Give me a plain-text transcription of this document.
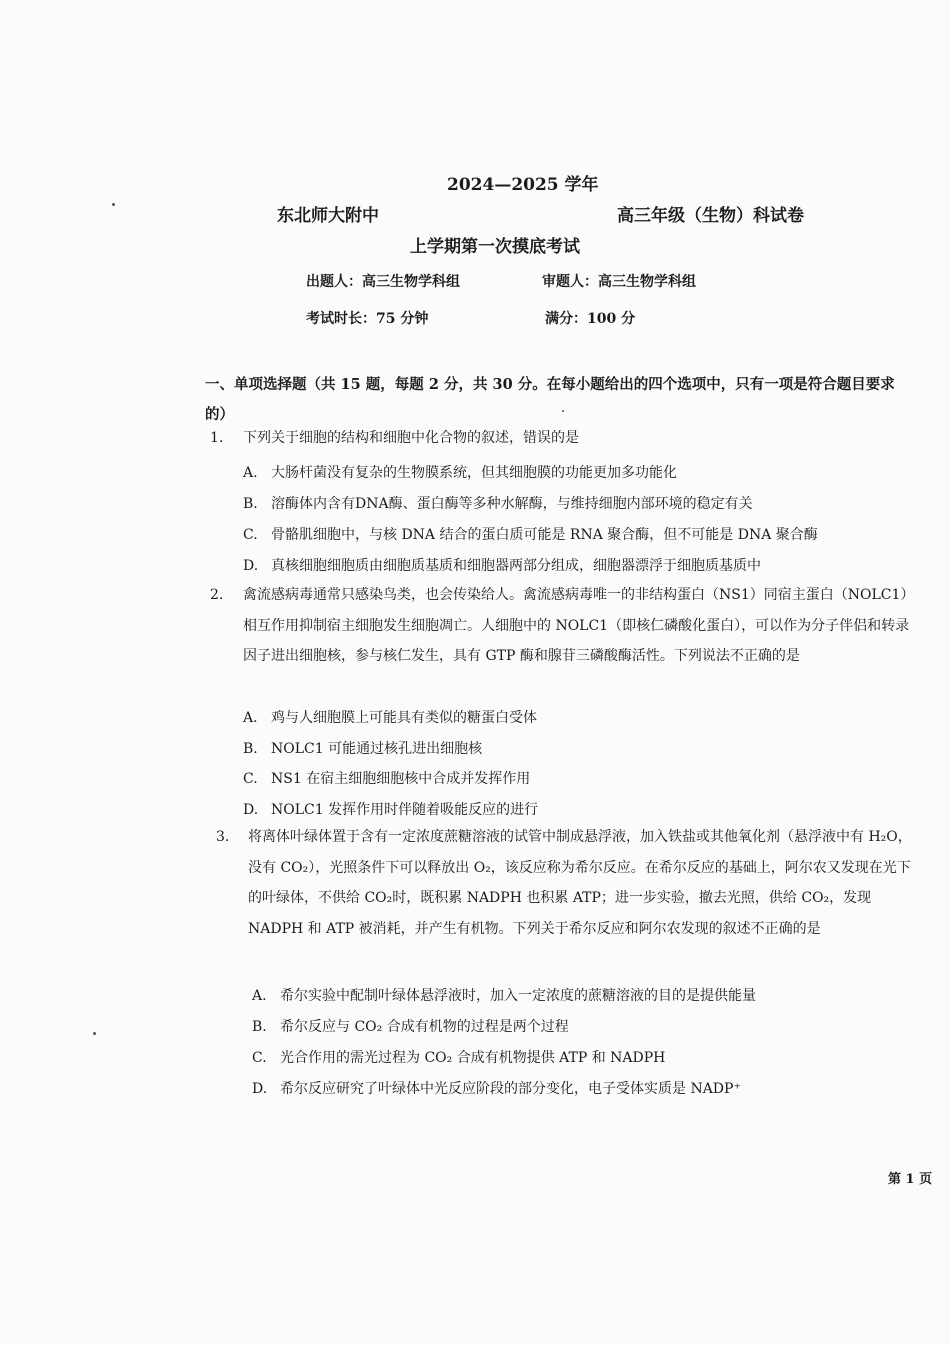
2024—2025 学年
东北师大附中	高三年级（生物）科试卷
上学期第一次摸底考试
出题人：高三生物学科组	审题人：高三生物学科组
考试时长：75 分钟	满分：100 分
一、单项选择题（共 15 题，每题 2 分，共 30 分。在每小题给出的四个选项中，只有一项是符合题目要求的）
1.	下列关于细胞的结构和细胞中化合物的叙述，错误的是
A. 大肠杆菌没有复杂的生物膜系统，但其细胞膜的功能更加多功能化
B. 溶酶体内含有DNA酶、蛋白酶等多种水解酶，与维持细胞内部环境的稳定有关
C. 骨骼肌细胞中，与核 DNA 结合的蛋白质可能是 RNA 聚合酶，但不可能是 DNA 聚合酶
D. 真核细胞细胞质由细胞质基质和细胞器两部分组成，细胞器漂浮于细胞质基质中
2.	禽流感病毒通常只感染鸟类，也会传染给人。禽流感病毒唯一的非结构蛋白（NS1）同宿主蛋白（NOLC1）相互作用抑制宿主细胞发生细胞凋亡。人细胞中的 NOLC1（即核仁磷酸化蛋白），可以作为分子伴侣和转录因子进出细胞核，参与核仁发生，具有 GTP 酶和腺苷三磷酸酶活性。下列说法不正确的是
A. 鸡与人细胞膜上可能具有类似的糖蛋白受体
B. NOLC1 可能通过核孔进出细胞核
C. NS1 在宿主细胞细胞核中合成并发挥作用
D. NOLC1 发挥作用时伴随着吸能反应的进行
3.	将离体叶绿体置于含有一定浓度蔗糖溶液的试管中制成悬浮液，加入铁盐或其他氧化剂（悬浮液中有 H₂O，没有 CO₂），光照条件下可以释放出 O₂，该反应称为希尔反应。在希尔反应的基础上，阿尔农又发现在光下的叶绿体，不供给 CO₂时，既积累 NADPH 也积累 ATP；进一步实验，撤去光照，供给 CO₂，发现 NADPH 和 ATP 被消耗，并产生有机物。下列关于希尔反应和阿尔农发现的叙述不正确的是
A. 希尔实验中配制叶绿体悬浮液时，加入一定浓度的蔗糖溶液的目的是提供能量
B. 希尔反应与 CO₂ 合成有机物的过程是两个过程
C. 光合作用的需光过程为 CO₂ 合成有机物提供 ATP 和 NADPH
D. 希尔反应研究了叶绿体中光反应阶段的部分变化，电子受体实质是 NADP⁺
第 1 页
